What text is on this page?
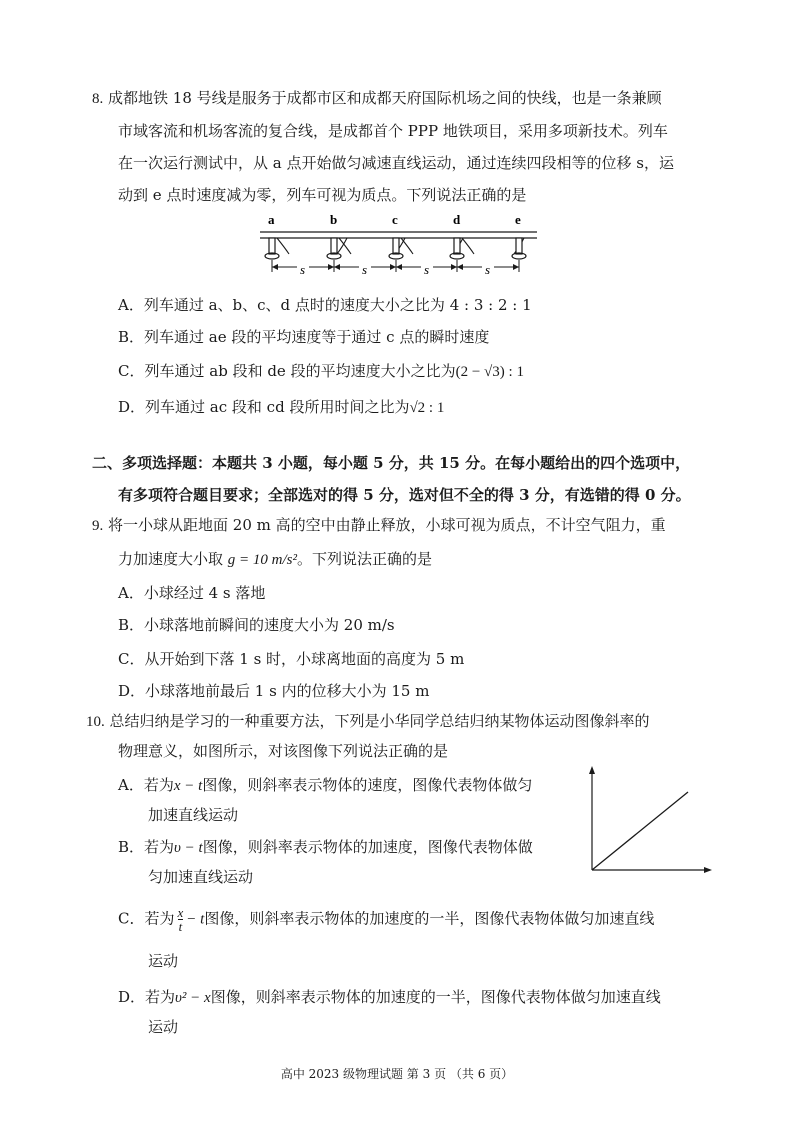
8. 成都地铁 18 号线是服务于成都市区和成都天府国际机场之间的快线，也是一条兼顾
市域客流和机场客流的复合线，是成都首个 PPP 地铁项目，采用多项新技术。列车
在一次运行测试中，从 a 点开始做匀减速直线运动，通过连续四段相等的位移 s，运
动到 e 点时速度减为零，列车可视为质点。下列说法正确的是
a	b	c	d	e
s	s	s	s
A．列车通过 a、b、c、d 点时的速度大小之比为 4 : 3 : 2 : 1
B．列车通过 ae 段的平均速度等于通过 c 点的瞬时速度
C．列车通过 ab 段和 de 段的平均速度大小之比为(2 − √3) : 1
D．列车通过 ac 段和 cd 段所用时间之比为√2 : 1
二、多项选择题：本题共 3 小题，每小题 5 分，共 15 分。在每小题给出的四个选项中，
有多项符合题目要求；全部选对的得 5 分，选对但不全的得 3 分，有选错的得 0 分。
9. 将一小球从距地面 20 m 高的空中由静止释放，小球可视为质点，不计空气阻力，重
力加速度大小取 g = 10 m/s²。下列说法正确的是
A．小球经过 4 s 落地
B．小球落地前瞬间的速度大小为 20 m/s
C．从开始到下落 1 s 时，小球离地面的高度为 5 m
D．小球落地前最后 1 s 内的位移大小为 15 m
10. 总结归纳是学习的一种重要方法，下列是小华同学总结归纳某物体运动图像斜率的
物理意义，如图所示，对该图像下列说法正确的是
A．若为x − t图像，则斜率表示物体的速度，图像代表物体做匀
加速直线运动
B．若为υ − t图像，则斜率表示物体的加速度，图像代表物体做
匀加速直线运动
C．若为 $\frac{x}{t} - t$图像，则斜率表示物体的加速度的一半，图像代表物体做匀加速直线
运动
D．若为υ² − x图像，则斜率表示物体的加速度的一半，图像代表物体做匀加速直线
运动
高中 2023 级物理试题 第 3 页 （共 6 页）
